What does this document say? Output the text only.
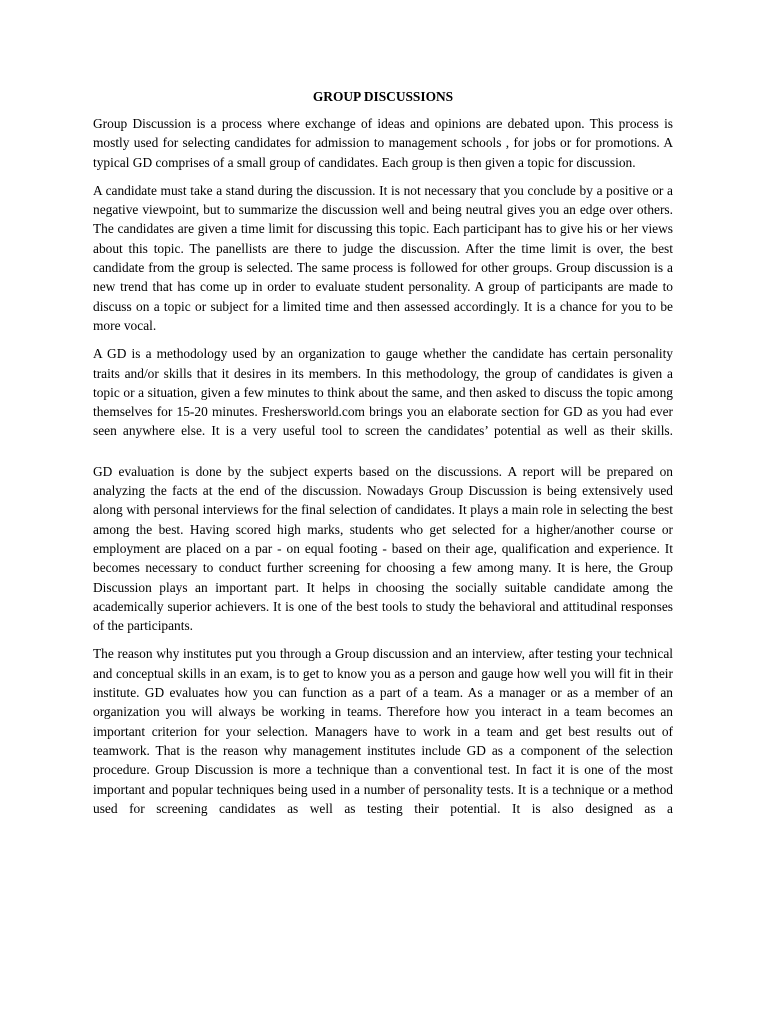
GROUP DISCUSSIONS

Group Discussion is a process where exchange of ideas and opinions are debated upon. This process is mostly used for selecting candidates for admission to management schools , for jobs or for promotions. A typical GD comprises of a small group of candidates. Each group is then given a topic for discussion.

A candidate must take a stand during the discussion. It is not necessary that you conclude by a positive or a negative viewpoint, but to summarize the discussion well and being neutral gives you an edge over others. The candidates are given a time limit for discussing this topic. Each participant has to give his or her views about this topic. The panellists are there to judge the discussion. After the time limit is over, the best candidate from the group is selected. The same process is followed for other groups. Group discussion is a new trend that has come up in order to evaluate student personality. A group of participants are made to discuss on a topic or subject for a limited time and then assessed accordingly. It is a chance for you to be more vocal.

A GD is a methodology used by an organization to gauge whether the candidate has certain personality traits and/or skills that it desires in its members. In this methodology, the group of candidates is given a topic or a situation, given a few minutes to think about the same, and then asked to discuss the topic among themselves for 15-20 minutes. Freshersworld.com brings you an elaborate section for GD as you had ever seen anywhere else. It is a very useful tool to screen the candidates’ potential as well as their skills.

GD evaluation is done by the subject experts based on the discussions. A report will be prepared on analyzing the facts at the end of the discussion. Nowadays Group Discussion is being extensively used along with personal interviews for the final selection of candidates. It plays a main role in selecting the best among the best. Having scored high marks, students who get selected for a higher/another course or employment are placed on a par - on equal footing - based on their age, qualification and experience. It becomes necessary to conduct further screening for choosing a few among many. It is here, the Group Discussion plays an important part. It helps in choosing the socially suitable candidate among the academically superior achievers. It is one of the best tools to study the behavioral and attitudinal responses of the participants.

The reason why institutes put you through a Group discussion and an interview, after testing your technical and conceptual skills in an exam, is to get to know you as a person and gauge how well you will fit in their institute. GD evaluates how you can function as a part of a team. As a manager or as a member of an organization you will always be working in teams. Therefore how you interact in a team becomes an important criterion for your selection. Managers have to work in a team and get best results out of teamwork. That is the reason why management institutes include GD as a component of the selection procedure. Group Discussion is more a technique than a conventional test. In fact it is one of the most important and popular techniques being used in a number of personality tests. It is a technique or a method used for screening candidates as well as testing their potential. It is also designed as a
